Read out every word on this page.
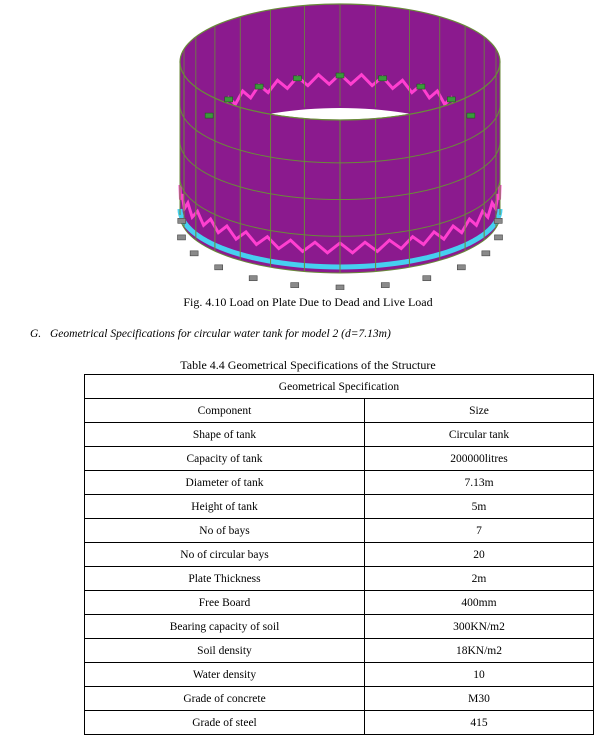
Fig. 4.10 Load on Plate Due to Dead and Live Load
G. Geometrical Specifications for circular water tank for model 2 (d=7.13m)
Table 4.4 Geometrical Specifications of the Structure
Geometrical Specification	
Component	Size
Shape of tank	Circular tank
Capacity of tank	200000litres
Diameter of tank	7.13m
Height of tank	5m
No of bays	7
No of circular bays	20
Plate Thickness	2m
Free Board	400mm
Bearing capacity of soil	300KN/m2
Soil density	18KN/m2
Water density	10
Grade of concrete	M30
Grade of steel	415
